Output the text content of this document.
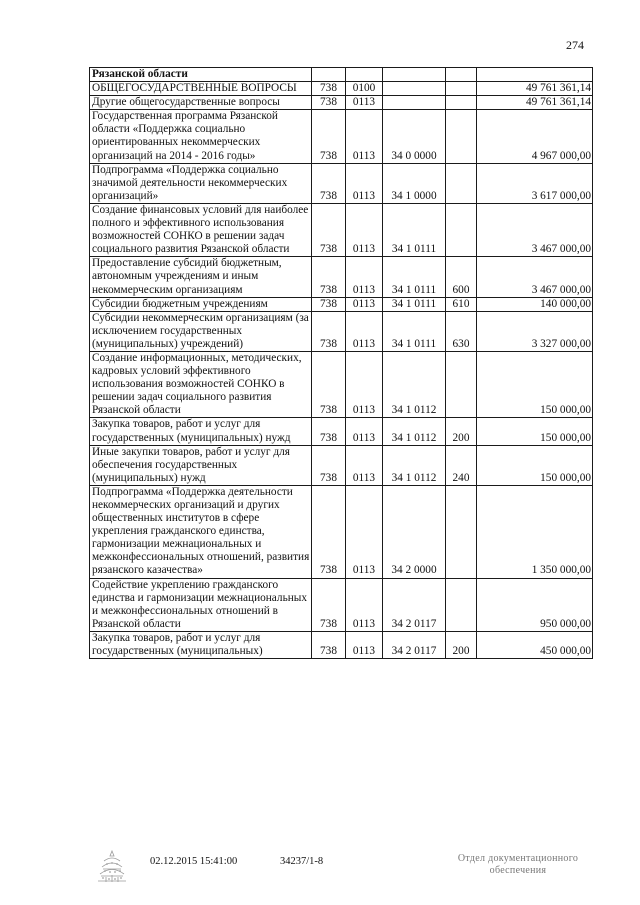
274
Рязанской области					
ОБЩЕГОСУДАРСТВЕННЫЕ ВОПРОСЫ	738	0100			49 761 361,14
Другие общегосударственные вопросы	738	0113			49 761 361,14
Государственная программа Рязанской области «Поддержка социально ориентированных некоммерческих организаций на 2014 - 2016 годы»	738	0113	34 0 0000		4 967 000,00
Подпрограмма «Поддержка социально значимой деятельности некоммерческих организаций»	738	0113	34 1 0000		3 617 000,00
Создание финансовых условий для наиболее полного и эффективного использования возможностей СОНКО в решении задач социального развития Рязанской области	738	0113	34 1 0111		3 467 000,00
Предоставление субсидий бюджетным, автономным учреждениям и иным некоммерческим организациям	738	0113	34 1 0111	600	3 467 000,00
Субсидии бюджетным учреждениям	738	0113	34 1 0111	610	140 000,00
Субсидии некоммерческим организациям (за исключением государственных (муниципальных) учреждений)	738	0113	34 1 0111	630	3 327 000,00
Создание информационных, методических, кадровых условий эффективного использования возможностей СОНКО в решении задач социального развития Рязанской области	738	0113	34 1 0112		150 000,00
Закупка товаров, работ и услуг для государственных (муниципальных) нужд	738	0113	34 1 0112	200	150 000,00
Иные закупки товаров, работ и услуг для обеспечения государственных (муниципальных) нужд	738	0113	34 1 0112	240	150 000,00
Подпрограмма «Поддержка деятельности некоммерческих организаций и других общественных институтов в сфере укрепления гражданского единства, гармонизации межнациональных и межконфессиональных отношений, развития рязанского казачества»	738	0113	34 2 0000		1 350 000,00
Содействие укреплению гражданского единства и гармонизации межнациональных и межконфессиональных отношений в Рязанской области	738	0113	34 2 0117		950 000,00
Закупка товаров, работ и услуг для государственных (муниципальных)	738	0113	34 2 0117	200	450 000,00
02.12.2015 15:41:00	34237/1-8	Отдел документационного обеспечения
